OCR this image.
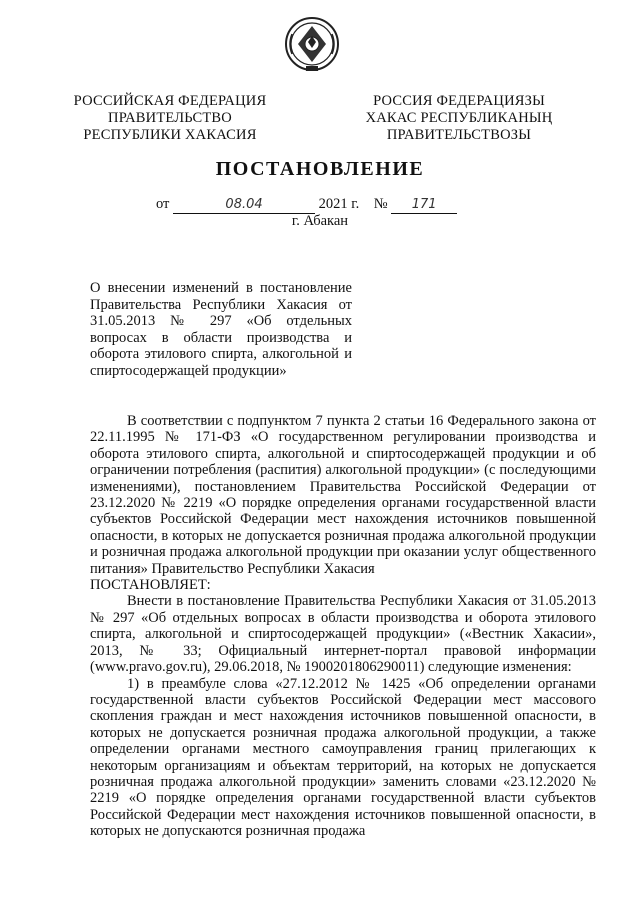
РОССИЙСКАЯ ФЕДЕРАЦИЯ
ПРАВИТЕЛЬСТВО
РЕСПУБЛИКИ ХАКАСИЯ
РОССИЯ ФЕДЕРАЦИЯЗЫ
ХАКАС РЕСПУБЛИКАНЫҢ
ПРАВИТЕЛЬСТВОЗЫ
ПОСТАНОВЛЕНИЕ
от	08.04	2021 г. № 171
г. Абакан
О внесении изменений в постановление Правительства Республики Хакасия от 31.05.2013 № 297 «Об отдельных вопросах в области производства и оборота этилового спирта, алкогольной и спиртосодержащей продукции»

В соответствии с подпунктом 7 пункта 2 статьи 16 Федерального закона от 22.11.1995 № 171-ФЗ «О государственном регулировании производства и оборота этилового спирта, алкогольной и спиртосодержащей продукции и об ограничении потребления (распития) алкогольной продукции» (с последующими изменениями), постановлением Правительства Российской Федерации от 23.12.2020 № 2219 «О порядке определения органами государственной власти субъектов Российской Федерации мест нахождения источников повышенной опасности, в которых не допускается розничная продажа алкогольной продукции и розничная продажа алкогольной продукции при оказании услуг общественного питания» Правительство Республики Хакасия

ПОСТАНОВЛЯЕТ:

Внести в постановление Правительства Республики Хакасия от 31.05.2013 № 297 «Об отдельных вопросах в области производства и оборота этилового спирта, алкогольной и спиртосодержащей продукции» («Вестник Хакасии», 2013, № 33; Официальный интернет-портал правовой информации (www.pravo.gov.ru), 29.06.2018, № 1900201806290011) следующие изменения:

1) в преамбуле слова «27.12.2012 № 1425 «Об определении органами государственной власти субъектов Российской Федерации мест массового скопления граждан и мест нахождения источников повышенной опасности, в которых не допускается розничная продажа алкогольной продукции, а также определении органами местного самоуправления границ прилегающих к некоторым организациям и объектам территорий, на которых не допускается розничная продажа алкогольной продукции» заменить словами «23.12.2020 № 2219 «О порядке определения органами государственной власти субъектов Российской Федерации мест нахождения источников повышенной опасности, в которых не допускаются розничная продажа
